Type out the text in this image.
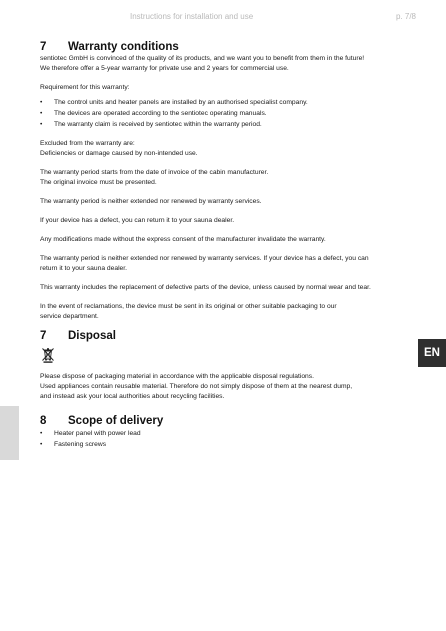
Instructions for installation and use	p. 7/8
7	Warranty conditions

sentiotec GmbH is convinced of the quality of its products, and we want you to benefit from them in the future!

We therefore offer a 5-year warranty for private use and 2 years for commercial use.

Requirement for this warranty:

•	The control units and heater panels are installed by an authorised specialist company.
•	The devices are operated according to the sentiotec operating manuals.
•	The warranty claim is received by sentiotec within the warranty period.

Excluded from the warranty are:

Deficiencies or damage caused by non-intended use.

The warranty period starts from the date of invoice of the cabin manufacturer.

The original invoice must be presented.

The warranty period is neither extended nor renewed by warranty services.

If your device has a defect, you can return it to your sauna dealer.

Any modifications made without the express consent of the manufacturer invalidate the warranty.

The warranty period is neither extended nor renewed by warranty services. If your device has a defect, you can

return it to your sauna dealer.

This warranty includes the replacement of defective parts of the device, unless caused by normal wear and tear.

In the event of reclamations, the device must be sent in its original or other suitable packaging to our

service department.

7	Disposal

Please dispose of packaging material in accordance with the applicable disposal regulations.

Used appliances contain reusable material. Therefore do not simply dispose of them at the nearest dump,

and instead ask your local authorities about recycling facilities.

8	Scope of delivery
•	Heater panel with power lead
•	Fastening screws
EN
